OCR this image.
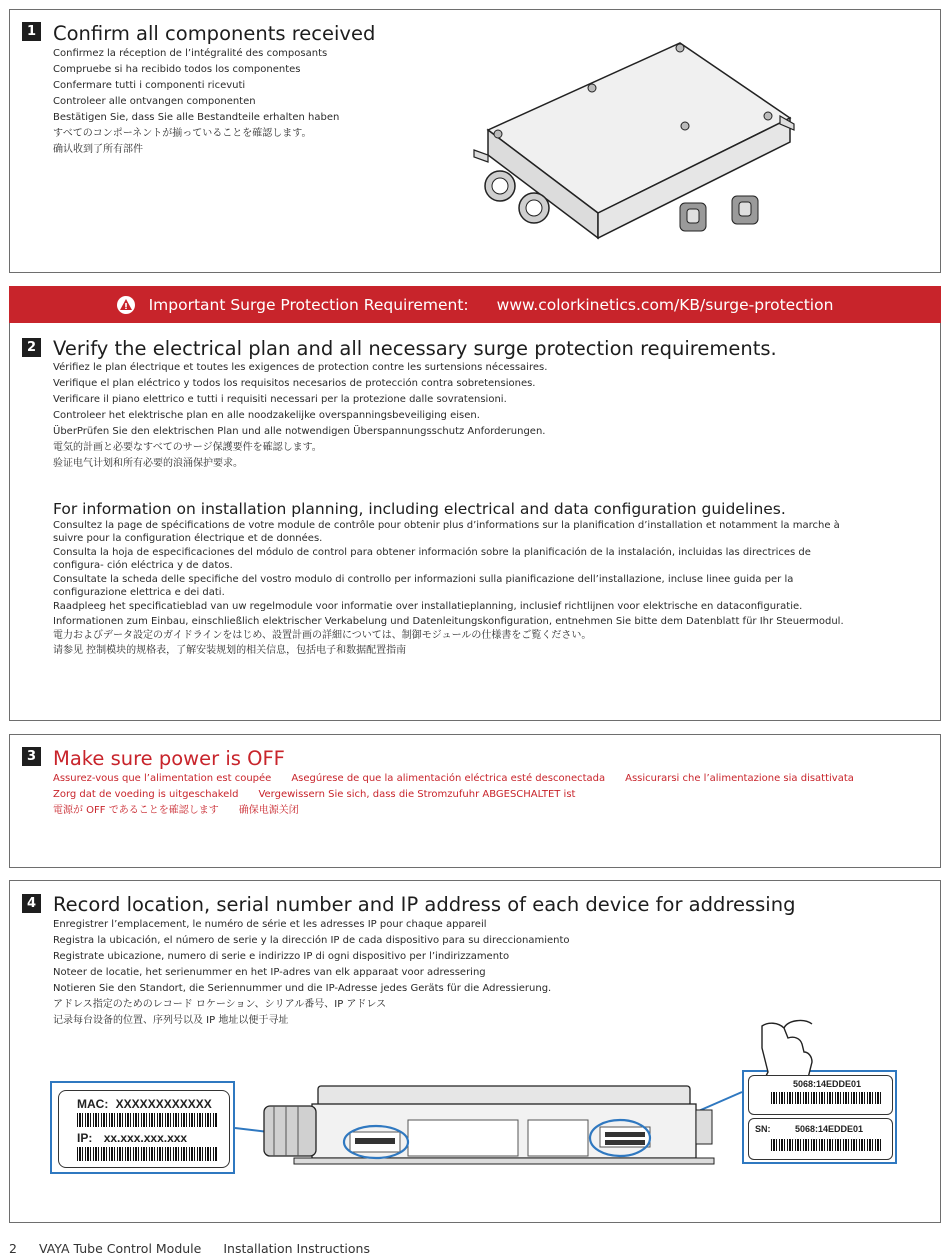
1 Confirm all components received
Confirmez la réception de l’intégralité des composants
Compruebe si ha recibido todos los componentes
Confermare tutti i componenti ricevuti
Controleer alle ontvangen componenten
Bestätigen Sie, dass Sie alle Bestandteile erhalten haben
すべてのコンポーネントが揃っていることを確認します。
确认收到了所有部件
Important Surge Protection Requirement: www.colorkinetics.com/KB/surge-protection
2 Verify the electrical plan and all necessary surge protection requirements.
Vérifiez le plan électrique et toutes les exigences de protection contre les surtensions nécessaires.
Verifique el plan eléctrico y todos los requisitos necesarios de protección contra sobretensiones.
Verificare il piano elettrico e tutti i requisiti necessari per la protezione dalle sovratensioni.
Controleer het elektrische plan en alle noodzakelijke overspanningsbeveiliging eisen.
ÜberPrüfen Sie den elektrischen Plan und alle notwendigen Überspannungsschutz Anforderungen.
電気的計画と必要なすべてのサージ保護要件を確認します。
验证电气计划和所有必要的浪涌保护要求。
For information on installation planning, including electrical and data configuration guidelines.
Consultez la page de spécifications de votre module de contrôle pour obtenir plus d’informations sur la planification d’installation et notamment la marche à suivre pour la configuration électrique et de données.
Consulta la hoja de especificaciones del módulo de control para obtener información sobre la planificación de la instalación, incluidas las directrices de configura- ción eléctrica y de datos.
Consultate la scheda delle specifiche del vostro modulo di controllo per informazioni sulla pianificazione dell’installazione, incluse linee guida per la configurazione elettrica e dei dati.
Raadpleeg het specificatieblad van uw regelmodule voor informatie over installatieplanning, inclusief richtlijnen voor elektrische en dataconfiguratie.
Informationen zum Einbau, einschließlich elektrischer Verkabelung und Datenleitungskonfiguration, entnehmen Sie bitte dem Datenblatt für Ihr Steuermodul.
電力およびデータ設定のガイドラインをはじめ、設置計画の詳細については、制御モジュールの仕様書をご覧ください。
请参见 控制模块的规格表，了解安装规划的相关信息，包括电子和数据配置指南
3 Make sure power is OFF
Assurez-vous que l’alimentation est coupée Asegúrese de que la alimentación eléctrica esté desconectada Assicurarsi che l’alimentazione sia disattivata
Zorg dat de voeding is uitgeschakeld Vergewissern Sie sich, dass die Stromzufuhr ABGESCHALTET ist
電源が OFF であることを確認します 确保电源关闭
4 Record location, serial number and IP address of each device for addressing
Enregistrer l’emplacement, le numéro de série et les adresses IP pour chaque appareil
Registra la ubicación, el número de serie y la dirección IP de cada dispositivo para su direccionamiento
Registrate ubicazione, numero di serie e indirizzo IP di ogni dispositivo per l’indirizzamento
Noteer de locatie, het serienummer en het IP-adres van elk apparaat voor adressering
Notieren Sie den Standort, die Seriennummer und die IP-Adresse jedes Geräts für die Adressierung.
アドレス指定のためのレコード ロケーション、シリアル番号、IP アドレス
记录每台设备的位置、序列号以及 IP 地址以便于寻址
MAC: XXXXXXXXXXXX
IP: xx.xxx.xxx.xxx
5068:14EDDE01
SN:	5068:14EDDE01
2 VAYA Tube Control Module Installation Instructions
